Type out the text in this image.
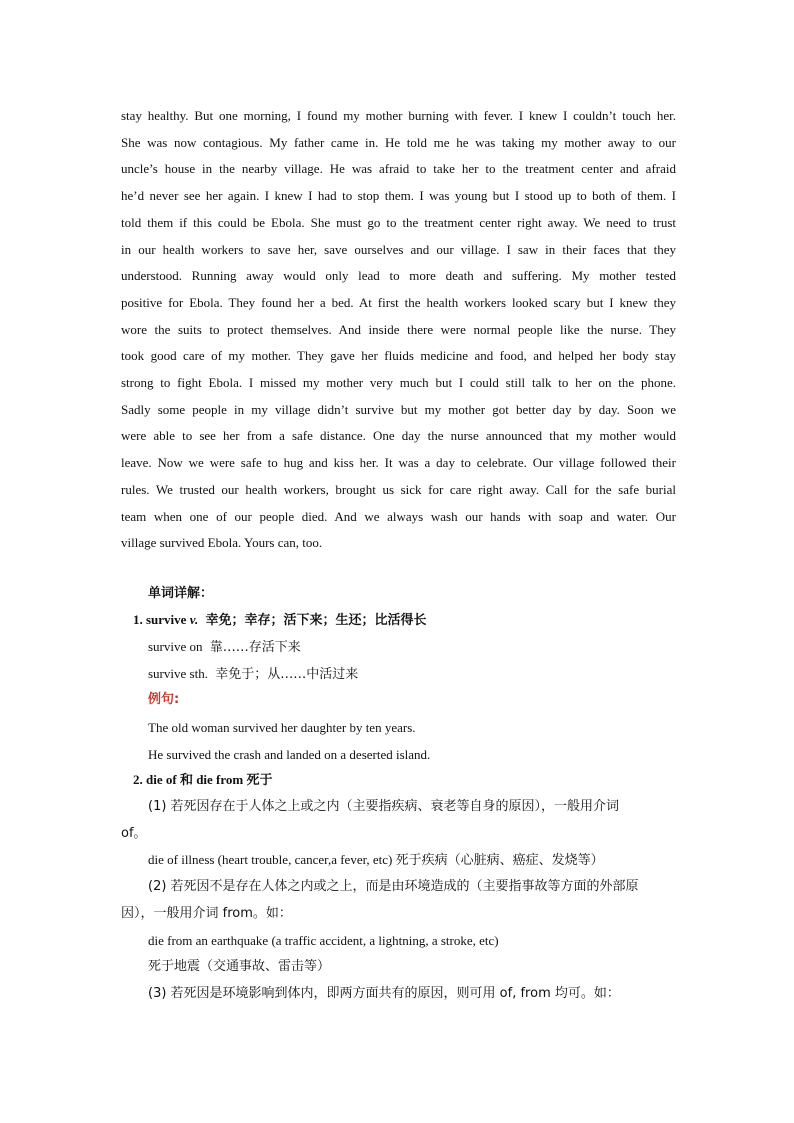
stay healthy. But one morning, I found my mother burning with fever. I knew I couldn’t touch her.
She was now contagious. My father came in. He told me he was taking my mother away to our
uncle’s house in the nearby village. He was afraid to take her to the treatment center and afraid
he’d never see her again. I knew I had to stop them. I was young but I stood up to both of them. I
told them if this could be Ebola. She must go to the treatment center right away. We need to trust
in our health workers to save her, save ourselves and our village. I saw in their faces that they
understood. Running away would only lead to more death and suffering. My mother tested
positive for Ebola. They found her a bed. At first the health workers looked scary but I knew they
wore the suits to protect themselves. And inside there were normal people like the nurse. They
took good care of my mother. They gave her fluids medicine and food, and helped her body stay
strong to fight Ebola. I missed my mother very much but I could still talk to her on the phone.
Sadly some people in my village didn’t survive but my mother got better day by day. Soon we
were able to see her from a safe distance. One day the nurse announced that my mother would
leave. Now we were safe to hug and kiss her. It was a day to celebrate. Our village followed their
rules. We trusted our health workers, brought us sick for care right away. Call for the safe burial
team when one of our people died. And we always wash our hands with soap and water. Our
village survived Ebola. Yours can, too.
单词详解：
1. survive v. 幸免；幸存；活下来；生还；比活得长
survive on 靠……存活下来
survive sth. 幸免于；从……中活过来
例句:
The old woman survived her daughter by ten years.
He survived the crash and landed on a deserted island.
2. die of 和 die from 死于
(1) 若死因存在于人体之上或之内（主要指疾病、衰老等自身的原因），一般用介词
of。
die of illness (heart trouble, cancer,a fever, etc) 死于疾病（心脏病、癌症、发烧等）
(2) 若死因不是存在人体之内或之上，而是由环境造成的（主要指事故等方面的外部原
因），一般用介词 from。如：
die from an earthquake (a traffic accident, a lightning, a stroke, etc)
死于地震（交通事故、雷击等）
(3) 若死因是环境影响到体内，即两方面共有的原因，则可用 of, from 均可。如：
